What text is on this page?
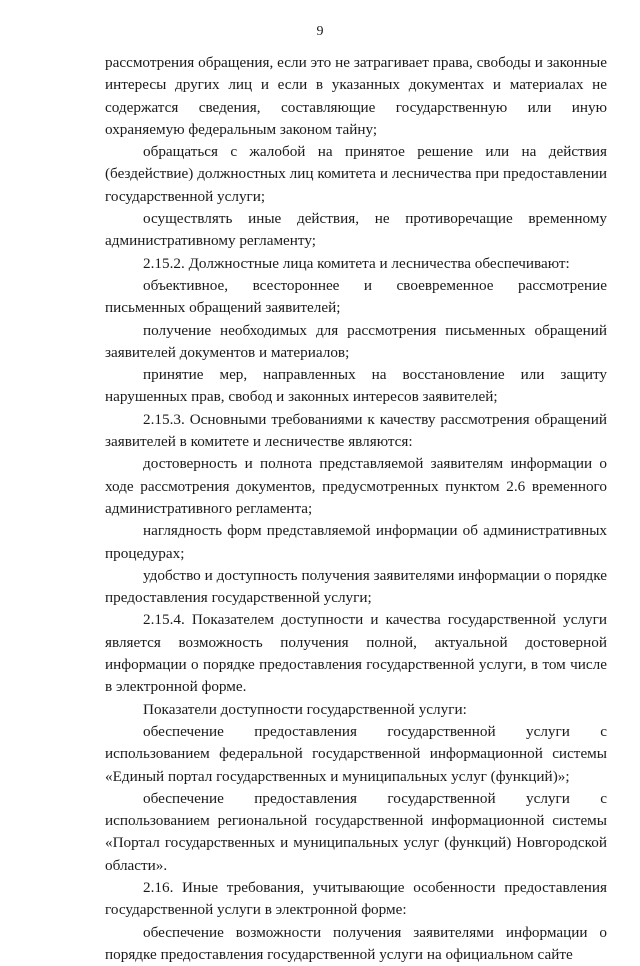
9

рассмотрения обращения, если это не затрагивает права, свободы и законные интересы других лиц и если в указанных документах и материалах не содержатся сведения, составляющие государственную или иную охраняемую федеральным законом тайну;

обращаться с жалобой на принятое решение или на действия (бездействие) должностных лиц комитета и лесничества при предоставлении государственной услуги;

осуществлять иные действия, не противоречащие временному административному регламенту;

2.15.2. Должностные лица комитета и лесничества обеспечивают:

объективное, всестороннее и своевременное рассмотрение письменных обращений заявителей;

получение необходимых для рассмотрения письменных обращений заявителей документов и материалов;

принятие мер, направленных на восстановление или защиту нарушенных прав, свобод и законных интересов заявителей;

2.15.3. Основными требованиями к качеству рассмотрения обращений заявителей в комитете и лесничестве являются:

достоверность и полнота представляемой заявителям информации о ходе рассмотрения документов, предусмотренных пунктом 2.6 временного административного регламента;

наглядность форм представляемой информации об административных процедурах;

удобство и доступность получения заявителями информации о порядке предоставления государственной услуги;

2.15.4. Показателем доступности и качества государственной услуги является возможность получения полной, актуальной достоверной информации о порядке предоставления государственной услуги, в том числе в электронной форме.

Показатели доступности государственной услуги:

обеспечение предоставления государственной услуги с использованием федеральной государственной информационной системы «Единый портал государственных и муниципальных услуг (функций)»;

обеспечение предоставления государственной услуги с использованием региональной государственной информационной системы «Портал государственных и муниципальных услуг (функций) Новгородской области».

2.16. Иные требования, учитывающие особенности предоставления государственной услуги в электронной форме:

обеспечение возможности получения заявителями информации о порядке предоставления государственной услуги на официальном сайте
